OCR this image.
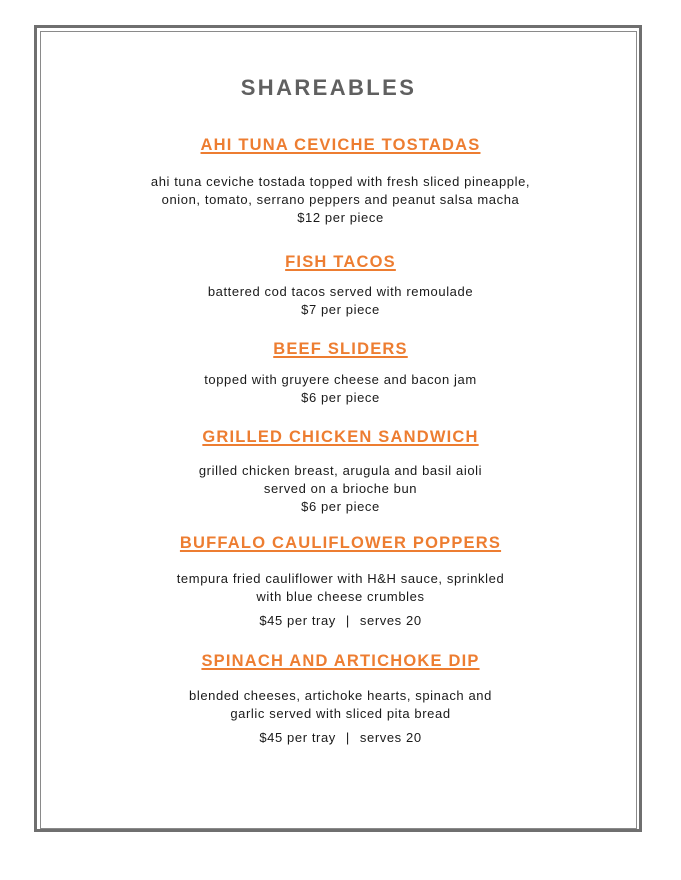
SHAREABLES
AHI TUNA CEVICHE TOSTADAS
ahi tuna ceviche tostada topped with fresh sliced pineapple,
onion, tomato, serrano peppers and peanut salsa macha
$12 per piece
FISH TACOS
battered cod tacos served with remoulade
$7 per piece
BEEF SLIDERS
topped with gruyere cheese and bacon jam
$6 per piece
GRILLED CHICKEN SANDWICH
grilled chicken breast, arugula and basil aioli
served on a brioche bun
$6 per piece
BUFFALO CAULIFLOWER POPPERS
tempura fried cauliflower with H&H sauce, sprinkled
with blue cheese crumbles
$45 per tray | serves 20
SPINACH AND ARTICHOKE DIP
blended cheeses, artichoke hearts, spinach and
garlic served with sliced pita bread
$45 per tray | serves 20
